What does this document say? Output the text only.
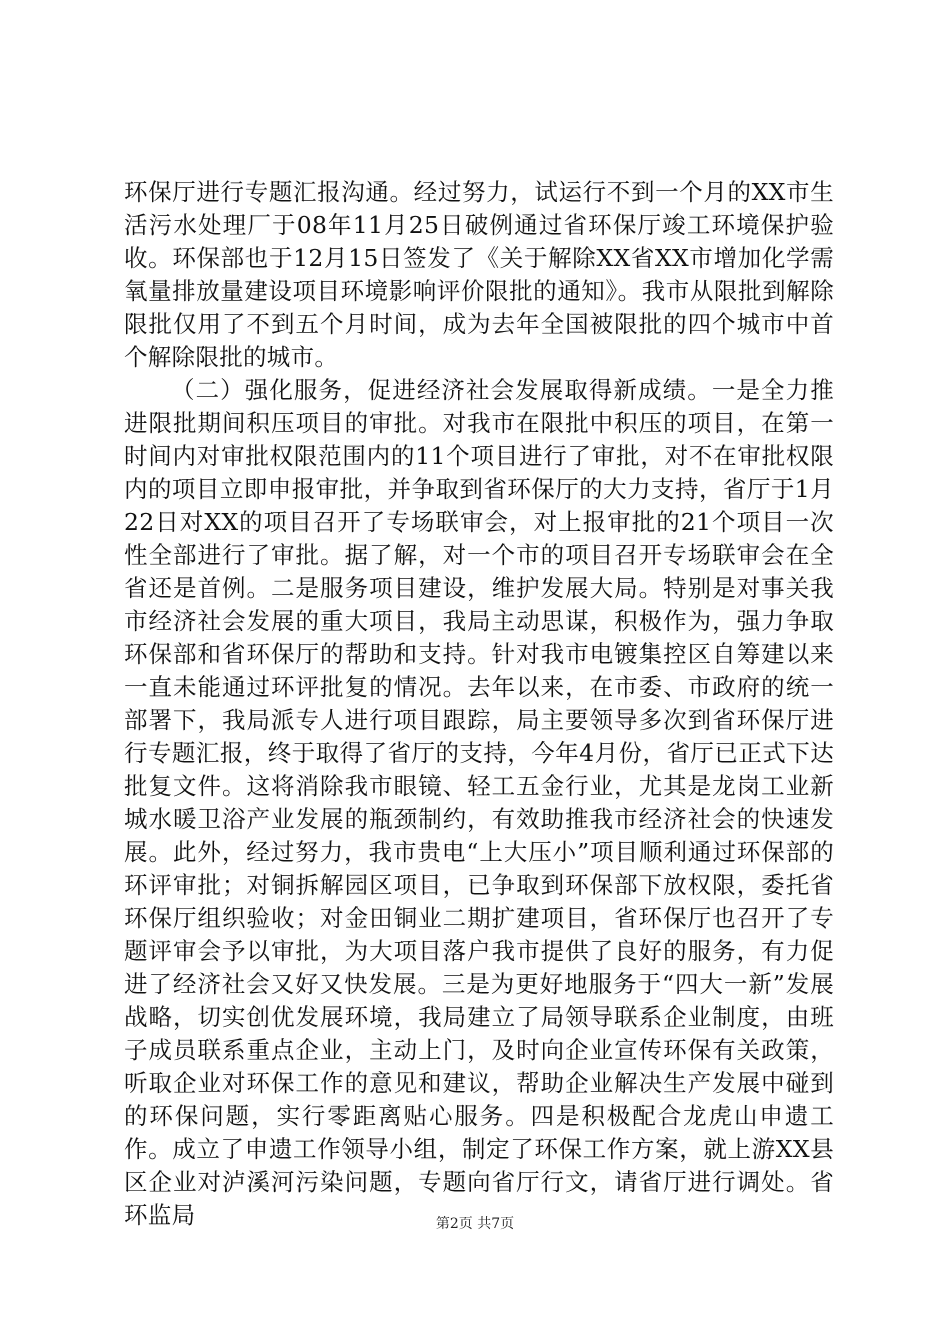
环保厅进行专题汇报沟通。经过努力，试运行不到一个月的XX市生活污水处理厂于08年11月25日破例通过省环保厅竣工环境保护验收。环保部也于12月15日签发了《关于解除XX省XX市增加化学需氧量排放量建设项目环境影响评价限批的通知》。我市从限批到解除限批仅用了不到五个月时间，成为去年全国被限批的四个城市中首个解除限批的城市。

（二）强化服务，促进经济社会发展取得新成绩。一是全力推进限批期间积压项目的审批。对我市在限批中积压的项目，在第一时间内对审批权限范围内的11个项目进行了审批，对不在审批权限内的项目立即申报审批，并争取到省环保厅的大力支持，省厅于1月22日对XX的项目召开了专场联审会，对上报审批的21个项目一次性全部进行了审批。据了解，对一个市的项目召开专场联审会在全省还是首例。二是服务项目建设，维护发展大局。特别是对事关我市经济社会发展的重大项目，我局主动思谋，积极作为，强力争取环保部和省环保厅的帮助和支持。针对我市电镀集控区自筹建以来一直未能通过环评批复的情况。去年以来，在市委、市政府的统一部署下，我局派专人进行项目跟踪，局主要领导多次到省环保厅进行专题汇报，终于取得了省厅的支持，今年4月份，省厅已正式下达批复文件。这将消除我市眼镜、轻工五金行业，尤其是龙岗工业新城水暖卫浴产业发展的瓶颈制约，有效助推我市经济社会的快速发展。此外，经过努力，我市贵电“上大压小”项目顺利通过环保部的环评审批；对铜拆解园区项目，已争取到环保部下放权限，委托省环保厅组织验收；对金田铜业二期扩建项目，省环保厅也召开了专题评审会予以审批，为大项目落户我市提供了良好的服务，有力促进了经济社会又好又快发展。三是为更好地服务于“四大一新”发展战略，切实创优发展环境，我局建立了局领导联系企业制度，由班子成员联系重点企业，主动上门，及时向企业宣传环保有关政策，听取企业对环保工作的意见和建议，帮助企业解决生产发展中碰到的环保问题，实行零距离贴心服务。四是积极配合龙虎山申遗工作。成立了申遗工作领导小组，制定了环保工作方案，就上游XX县区企业对泸溪河污染问题，专题向省厅行文，请省厅进行调处。省环监局	第2页 共7页
